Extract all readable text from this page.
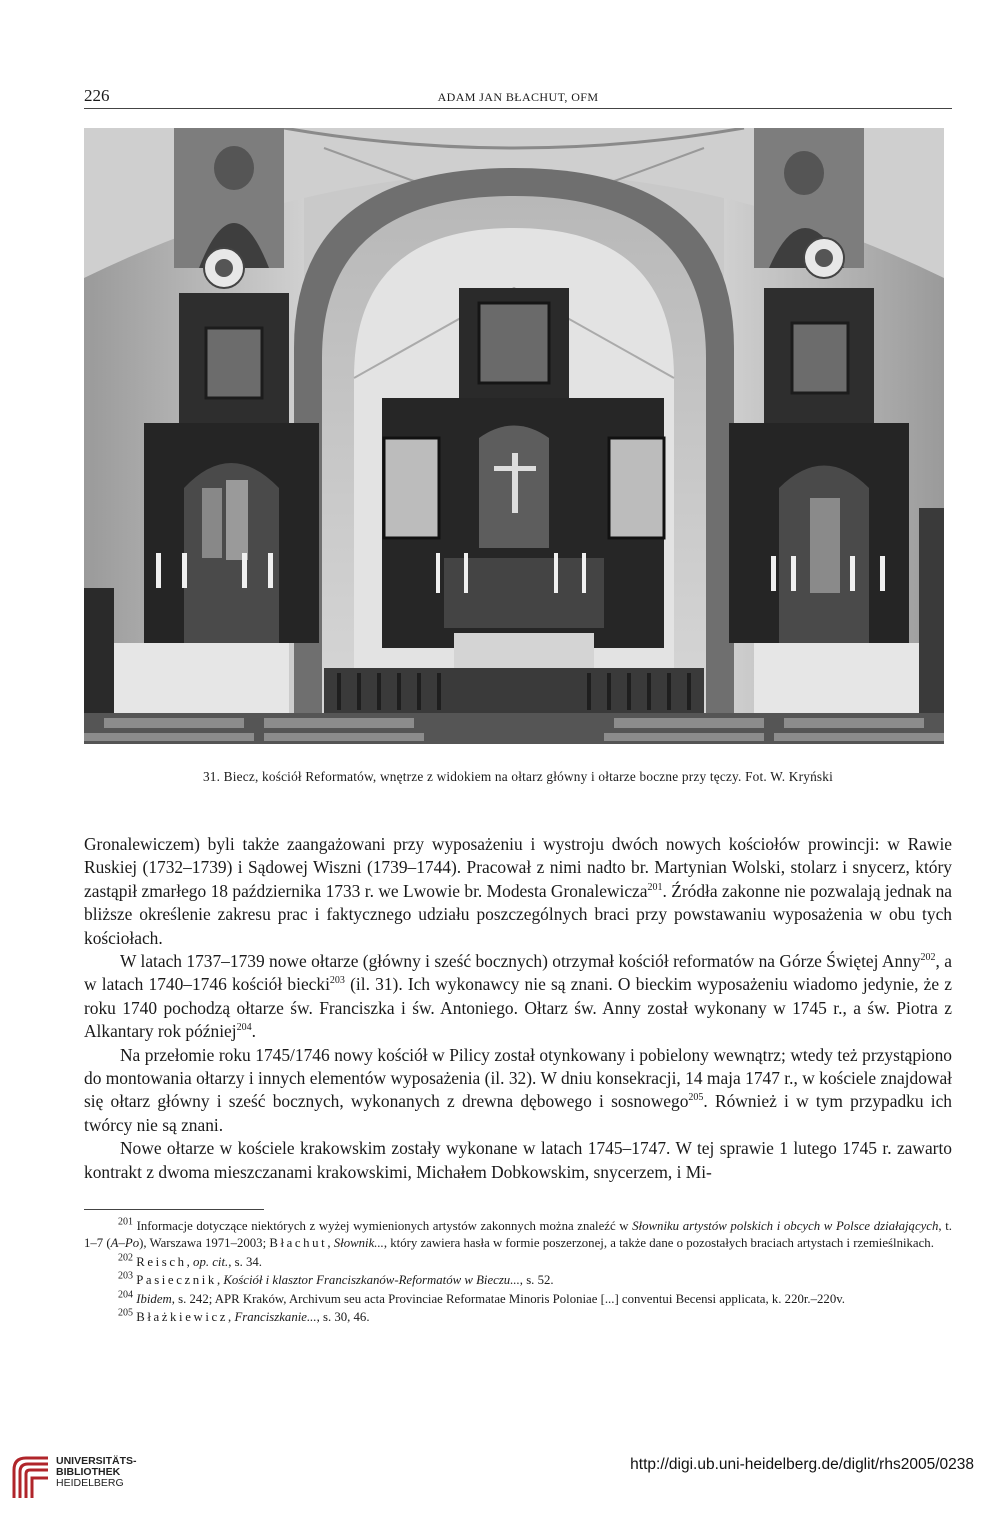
226	ADAM JAN BŁACHUT, OFM
31. Biecz, kościół Reformatów, wnętrze z widokiem na ołtarz główny i ołtarze boczne przy tęczy. Fot. W. Kryński

Gronalewiczem) byli także zaangażowani przy wyposażeniu i wystroju dwóch nowych kościołów prowincji: w Rawie Ruskiej (1732–1739) i Sądowej Wiszni (1739–1744). Pracował z nimi nadto br. Martynian Wolski, stolarz i snycerz, który zastąpił zmarłego 18 października 1733 r. we Lwowie br. Modesta Gronalewicza$^{201}$. Źródła zakonne nie pozwalają jednak na bliższe określenie zakresu prac i faktycznego udziału poszczególnych braci przy powstawaniu wyposażenia w obu tych kościołach.

W latach 1737–1739 nowe ołtarze (główny i sześć bocznych) otrzymał kościół reformatów na Górze Świętej Anny$^{202}$, a w latach 1740–1746 kościół biecki$^{203}$ (il. 31). Ich wykonawcy nie są znani. O bieckim wyposażeniu wiadomo jedynie, że z roku 1740 pochodzą ołtarze św. Franciszka i św. Antoniego. Ołtarz św. Anny został wykonany w 1745 r., a św. Piotra z Alkantary rok później$^{204}$.

Na przełomie roku 1745/1746 nowy kościół w Pilicy został otynkowany i pobielony wewnątrz; wtedy też przystąpiono do montowania ołtarzy i innych elementów wyposażenia (il. 32). W dniu konsekracji, 14 maja 1747 r., w kościele znajdował się ołtarz główny i sześć bocznych, wykonanych z drewna dębowego i sosnowego$^{205}$. Również i w tym przypadku ich twórcy nie są znani.

Nowe ołtarze w kościele krakowskim zostały wykonane w latach 1745–1747. W tej sprawie 1 lutego 1745 r. zawarto kontrakt z dwoma mieszczanami krakowskimi, Michałem Dobkowskim, snycerzem, i Mi-

$^{201}$ Informacje dotyczące niektórych z wyżej wymienionych artystów zakonnych można znaleźć w Słowniku artystów polskich i obcych w Polsce działających, t. 1–7 (A–Po), Warszawa 1971–2003; Błachut, Słownik..., który zawiera hasła w formie poszerzonej, a także dane o pozostałych braciach artystach i rzemieślnikach.

$^{202}$ Reisch, op. cit., s. 34.

$^{203}$ Pasiecznik, Kościół i klasztor Franciszkanów-Reformatów w Bieczu..., s. 52.

$^{204}$ Ibidem, s. 242; APR Kraków, Archivum seu acta Provinciae Reformatae Minoris Poloniae [...] conventui Becensi applicata, k. 220r.–220v.

$^{205}$ Błażkiewicz, Franciszkanie..., s. 30, 46.

UNIVERSITÄTS-
BIBLIOTHEK
HEIDELBERG
http://digi.ub.uni-heidelberg.de/diglit/rhs2005/0238
